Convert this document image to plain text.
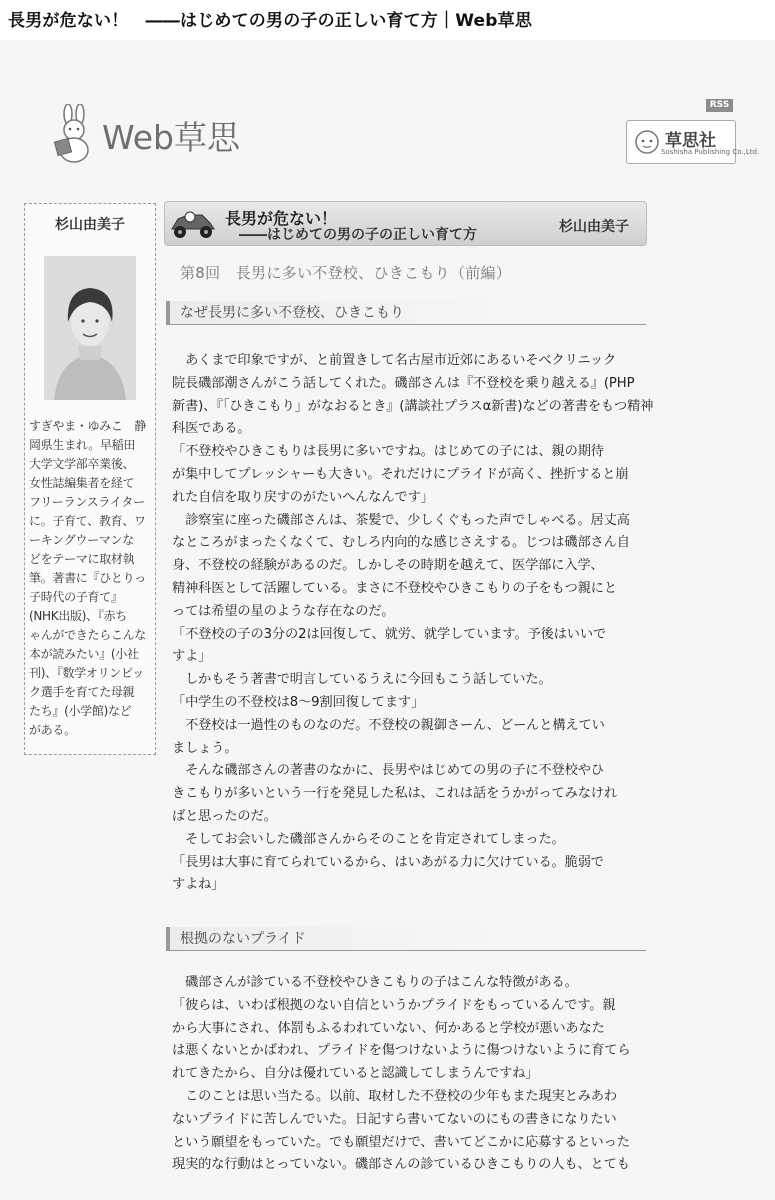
長男が危ない！　――はじめての男の子の正しい育て方｜Web草思
Web草思
RSS
草思社
Soshisha Publishing Co.,Ltd.
杉山由美子
すぎやま・ゆみこ　静
岡県生まれ。早稲田
大学文学部卒業後、
女性誌編集者を経て
フリーランスライター
に。子育て、教育、ワ
ーキングウーマンな
どをテーマに取材執
筆。著書に『ひとりっ
子時代の子育て』
(NHK出版)、『赤ち
ゃんができたらこんな
本が読みたい』(小社
刊)、『数学オリンピッ
ク選手を育てた母親
たち』(小学館)など
がある。
長男が危ない！
――はじめての男の子の正しい育て方	杉山由美子
第8回　長男に多い不登校、ひきこもり（前編）
なぜ長男に多い不登校、ひきこもり

　あくまで印象ですが、と前置きして名古屋市近郊にあるいそべクリニック

院長磯部潮さんがこう話してくれた。磯部さんは『不登校を乗り越える』(PHP

新書)、『「ひきこもり」がなおるとき』(講談社プラスα新書)などの著書をもつ精神

科医である。

「不登校やひきこもりは長男に多いですね。はじめての子には、親の期待

が集中してプレッシャーも大きい。それだけにプライドが高く、挫折すると崩

れた自信を取り戻すのがたいへんなんです」

　診察室に座った磯部さんは、茶髪で、少しくぐもった声でしゃべる。居丈高

なところがまったくなくて、むしろ内向的な感じさえする。じつは磯部さん自

身、不登校の経験があるのだ。しかしその時期を越えて、医学部に入学、

精神科医として活躍している。まさに不登校やひきこもりの子をもつ親にと

っては希望の星のような存在なのだ。

「不登校の子の3分の2は回復して、就労、就学しています。予後はいいで

すよ」

　しかもそう著書で明言しているうえに今回もこう話していた。

「中学生の不登校は8～9割回復してます」

　不登校は一過性のものなのだ。不登校の親御さーん、どーんと構えてい

ましょう。

　そんな磯部さんの著書のなかに、長男やはじめての男の子に不登校やひ

きこもりが多いという一行を発見した私は、これは話をうかがってみなけれ

ばと思ったのだ。

　そしてお会いした磯部さんからそのことを肯定されてしまった。

「長男は大事に育てられているから、はいあがる力に欠けている。脆弱で

すよね」

根拠のないプライド

　磯部さんが診ている不登校やひきこもりの子はこんな特徴がある。

「彼らは、いわば根拠のない自信というかプライドをもっているんです。親

から大事にされ、体罰もふるわれていない、何かあると学校が悪いあなた

は悪くないとかばわれ、プライドを傷つけないように傷つけないように育てら

れてきたから、自分は優れていると認識してしまうんですね」

　このことは思い当たる。以前、取材した不登校の少年もまた現実とみあわ

ないプライドに苦しんでいた。日記すら書いてないのにもの書きになりたい

という願望をもっていた。でも願望だけで、書いてどこかに応募するといった

現実的な行動はとっていない。磯部さんの診ているひきこもりの人も、とても
